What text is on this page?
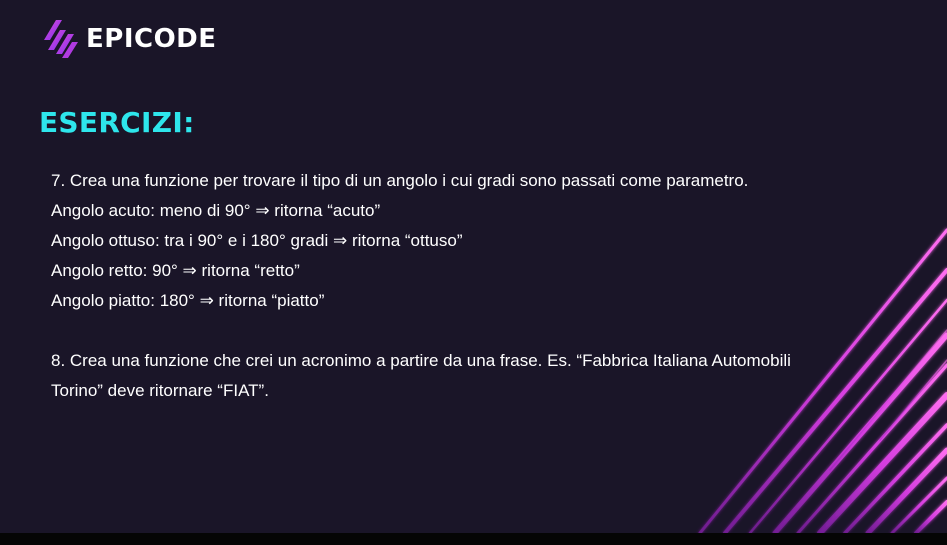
EPICODE
ESERCIZI:

7. Crea una funzione per trovare il tipo di un angolo i cui gradi sono passati come parametro.

Angolo acuto: meno di 90° ⇒ ritorna “acuto”

Angolo ottuso: tra i 90° e i 180° gradi ⇒ ritorna “ottuso”

Angolo retto: 90° ⇒ ritorna “retto”

Angolo piatto: 180° ⇒ ritorna “piatto”

8. Crea una funzione che crei un acronimo a partire da una frase. Es. “Fabbrica Italiana Automobili

Torino” deve ritornare “FIAT”.
